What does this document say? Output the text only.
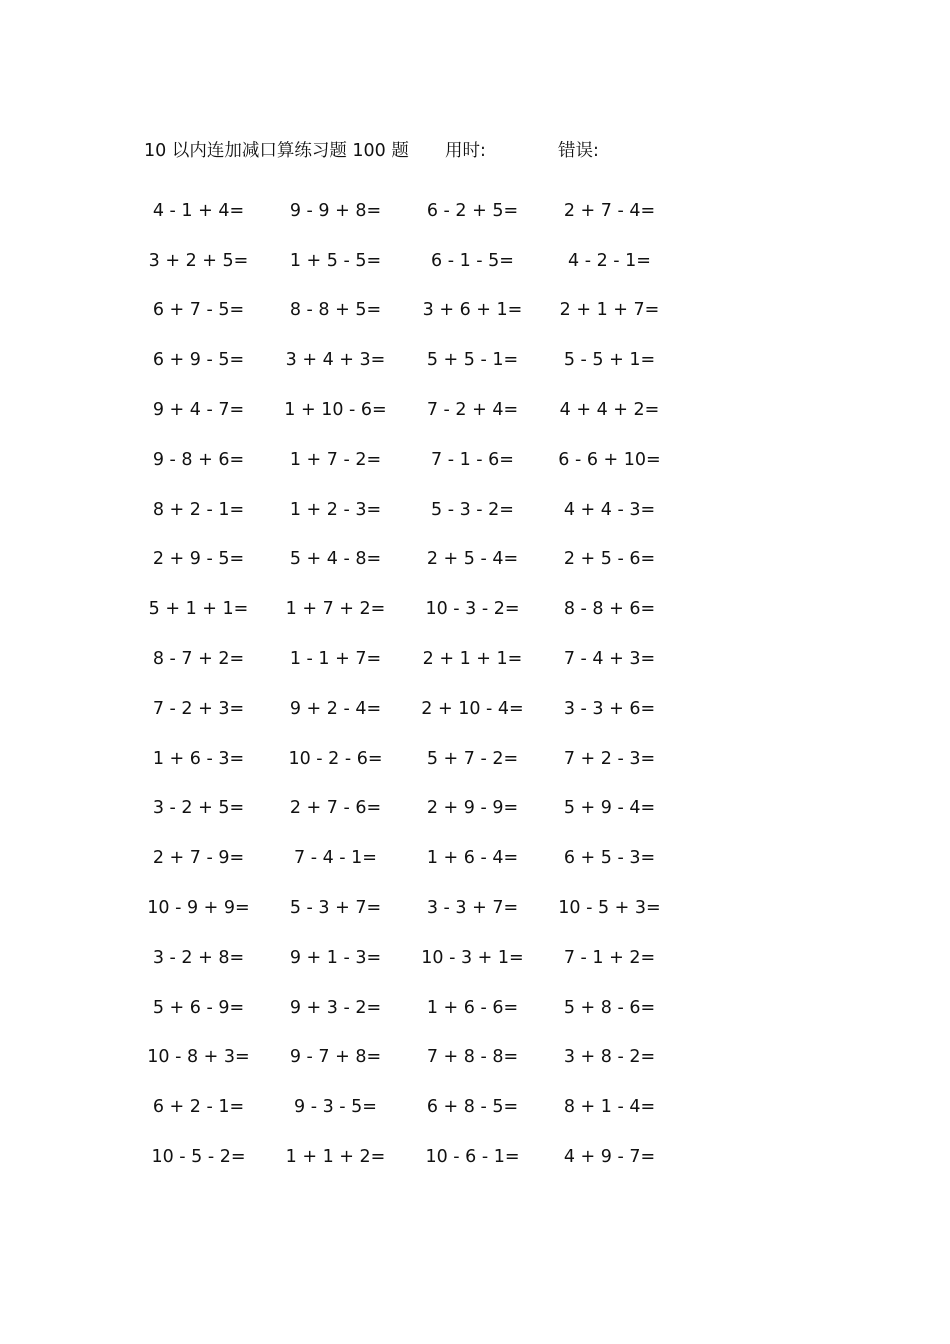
10 以内连加减口算练习题 100 题 用时:	错误:
4 - 1 + 4=	9 - 9 + 8=	6 - 2 + 5=	2 + 7 - 4=
3 + 2 + 5=	1 + 5 - 5=	6 - 1 - 5=	4 - 2 - 1=
6 + 7 - 5=	8 - 8 + 5=	3 + 6 + 1=	2 + 1 + 7=
6 + 9 - 5=	3 + 4 + 3=	5 + 5 - 1=	5 - 5 + 1=
9 + 4 - 7=	1 + 10 - 6=	7 - 2 + 4=	4 + 4 + 2=
9 - 8 + 6=	1 + 7 - 2=	7 - 1 - 6=	6 - 6 + 10=
8 + 2 - 1=	1 + 2 - 3=	5 - 3 - 2=	4 + 4 - 3=
2 + 9 - 5=	5 + 4 - 8=	2 + 5 - 4=	2 + 5 - 6=
5 + 1 + 1=	1 + 7 + 2=	10 - 3 - 2=	8 - 8 + 6=
8 - 7 + 2=	1 - 1 + 7=	2 + 1 + 1=	7 - 4 + 3=
7 - 2 + 3=	9 + 2 - 4=	2 + 10 - 4=	3 - 3 + 6=
1 + 6 - 3=	10 - 2 - 6=	5 + 7 - 2=	7 + 2 - 3=
3 - 2 + 5=	2 + 7 - 6=	2 + 9 - 9=	5 + 9 - 4=
2 + 7 - 9=	7 - 4 - 1=	1 + 6 - 4=	6 + 5 - 3=
10 - 9 + 9=	5 - 3 + 7=	3 - 3 + 7=	10 - 5 + 3=
3 - 2 + 8=	9 + 1 - 3=	10 - 3 + 1=	7 - 1 + 2=
5 + 6 - 9=	9 + 3 - 2=	1 + 6 - 6=	5 + 8 - 6=
10 - 8 + 3=	9 - 7 + 8=	7 + 8 - 8=	3 + 8 - 2=
6 + 2 - 1=	9 - 3 - 5=	6 + 8 - 5=	8 + 1 - 4=
10 - 5 - 2=	1 + 1 + 2=	10 - 6 - 1=	4 + 9 - 7=
